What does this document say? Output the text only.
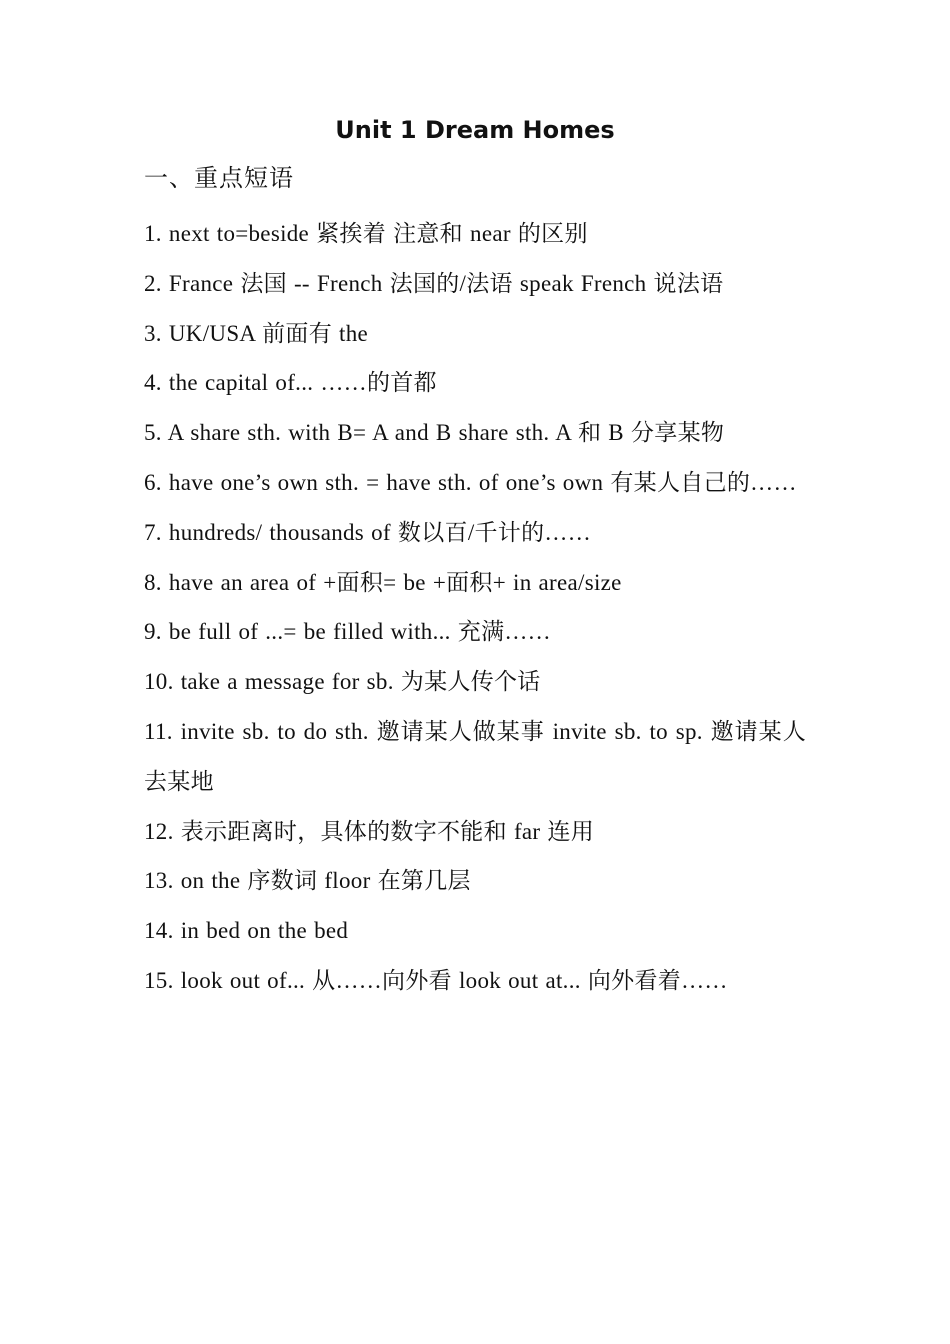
Unit 1 Dream Homes
一、重点短语
1. next to=beside 紧挨着 注意和 near 的区别
2. France 法国 -- French 法国的/法语 speak French 说法语
3. UK/USA 前面有 the
4. the capital of... ……的首都
5. A share sth. with B= A and B share sth. A 和 B 分享某物
6. have one’s own sth. = have sth. of one’s own 有某人自己的……
7. hundreds/ thousands of 数以百/千计的……
8. have an area of +面积= be +面积+ in area/size
9. be full of ...= be filled with... 充满……
10. take a message for sb. 为某人传个话
11. invite sb. to do sth. 邀请某人做某事 invite sb. to sp. 邀请某人去某地
12. 表示距离时，具体的数字不能和 far 连用
13. on the 序数词 floor 在第几层
14. in bed on the bed
15. look out of... 从……向外看 look out at... 向外看着……
